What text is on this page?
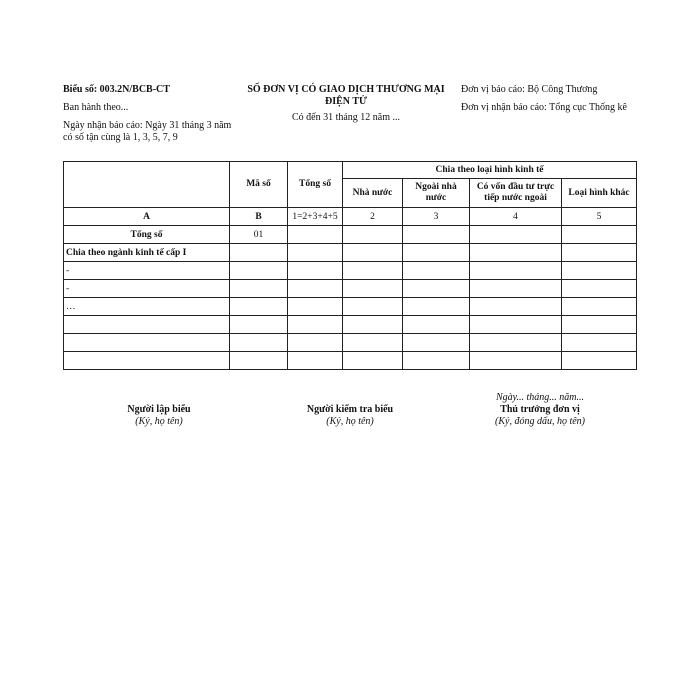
Biểu số: 003.2N/BCB-CT
Ban hành theo...
Ngày nhận báo cáo: Ngày 31 tháng 3 năm có số tận cùng là 1, 3, 5, 7, 9
SỐ ĐƠN VỊ CÓ GIAO DỊCH THƯƠNG MẠI ĐIỆN TỬ
Có đến 31 tháng 12 năm ...
Đơn vị báo cáo: Bộ Công Thương
Đơn vị nhận báo cáo: Tổng cục Thống kê
	Mã số	Tổng số	Chia theo loại hình kinh tế			
			Nhà nước	Ngoài nhà nước	Có vốn đầu tư trực tiếp nước ngoài	Loại hình khác
A	B	1=2+3+4+5	2	3	4	5
Tổng số	01					
Chia theo ngành kinh tế cấp I						
-						
-						
…						

Người lập biểu
(Ký, họ tên)
Người kiểm tra biểu
(Ký, họ tên)
Ngày... tháng... năm...
Thủ trưởng đơn vị
(Ký, đóng dấu, họ tên)
